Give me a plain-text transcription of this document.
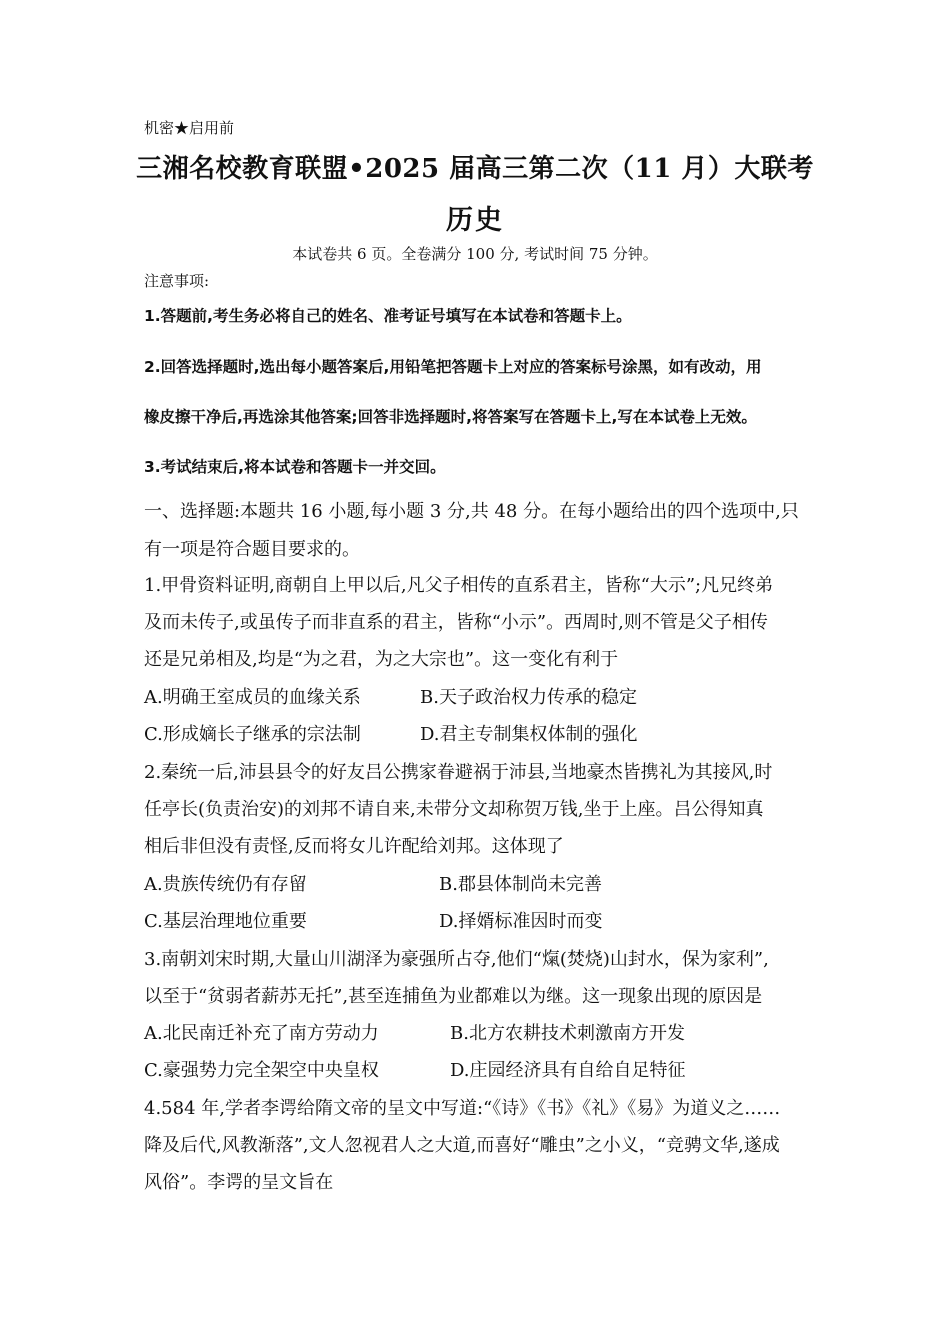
机密★启用前
三湘名校教育联盟•2025 届高三第二次（11 月）大联考
历史
本试卷共 6 页。全卷满分 100 分, 考试时间 75 分钟。
注意事项:
1.答题前,考生务必将自己的姓名、准考证号填写在本试卷和答题卡上。
2.回答选择题时,选出每小题答案后,用铅笔把答题卡上对应的答案标号涂黑，如有改动，用
橡皮擦干净后,再选涂其他答案;回答非选择题时,将答案写在答题卡上,写在本试卷上无效。
3.考试结束后,将本试卷和答题卡一并交回。
一、选择题:本题共 16 小题,每小题 3 分,共 48 分。在每小题给出的四个选项中,只
有一项是符合题目要求的。
1.甲骨资料证明,商朝自上甲以后,凡父子相传的直系君主，皆称“大示”;凡兄终弟
及而未传子,或虽传子而非直系的君主，皆称“小示”。西周时,则不管是父子相传
还是兄弟相及,均是“为之君，为之大宗也”。这一变化有利于
A.明确王室成员的血缘关系	B.天子政治权力传承的稳定
C.形成嫡长子继承的宗法制	D.君主专制集权体制的强化
2.秦统一后,沛县县令的好友吕公携家眷避祸于沛县,当地豪杰皆携礼为其接风,时
任亭长(负责治安)的刘邦不请自来,未带分文却称贺万钱,坐于上座。吕公得知真
相后非但没有责怪,反而将女儿许配给刘邦。这体现了
A.贵族传统仍有存留	B.郡县体制尚未完善
C.基层治理地位重要	D.择婿标准因时而变
3.南朝刘宋时期,大量山川湖泽为豪强所占夺,他们“熂(焚烧)山封水，保为家利”,
以至于“贫弱者薪苏无托”,甚至连捕鱼为业都难以为继。这一现象出现的原因是
A.北民南迁补充了南方劳动力	B.北方农耕技术刺激南方开发
C.豪强势力完全架空中央皇权	D.庄园经济具有自给自足特征
4.584 年,学者李谔给隋文帝的呈文中写道:“《诗》《书》《礼》《易》为道义之……
降及后代,风教渐落”,文人忽视君人之大道,而喜好“雕虫”之小义，“竞骋文华,遂成
风俗”。李谔的呈文旨在
